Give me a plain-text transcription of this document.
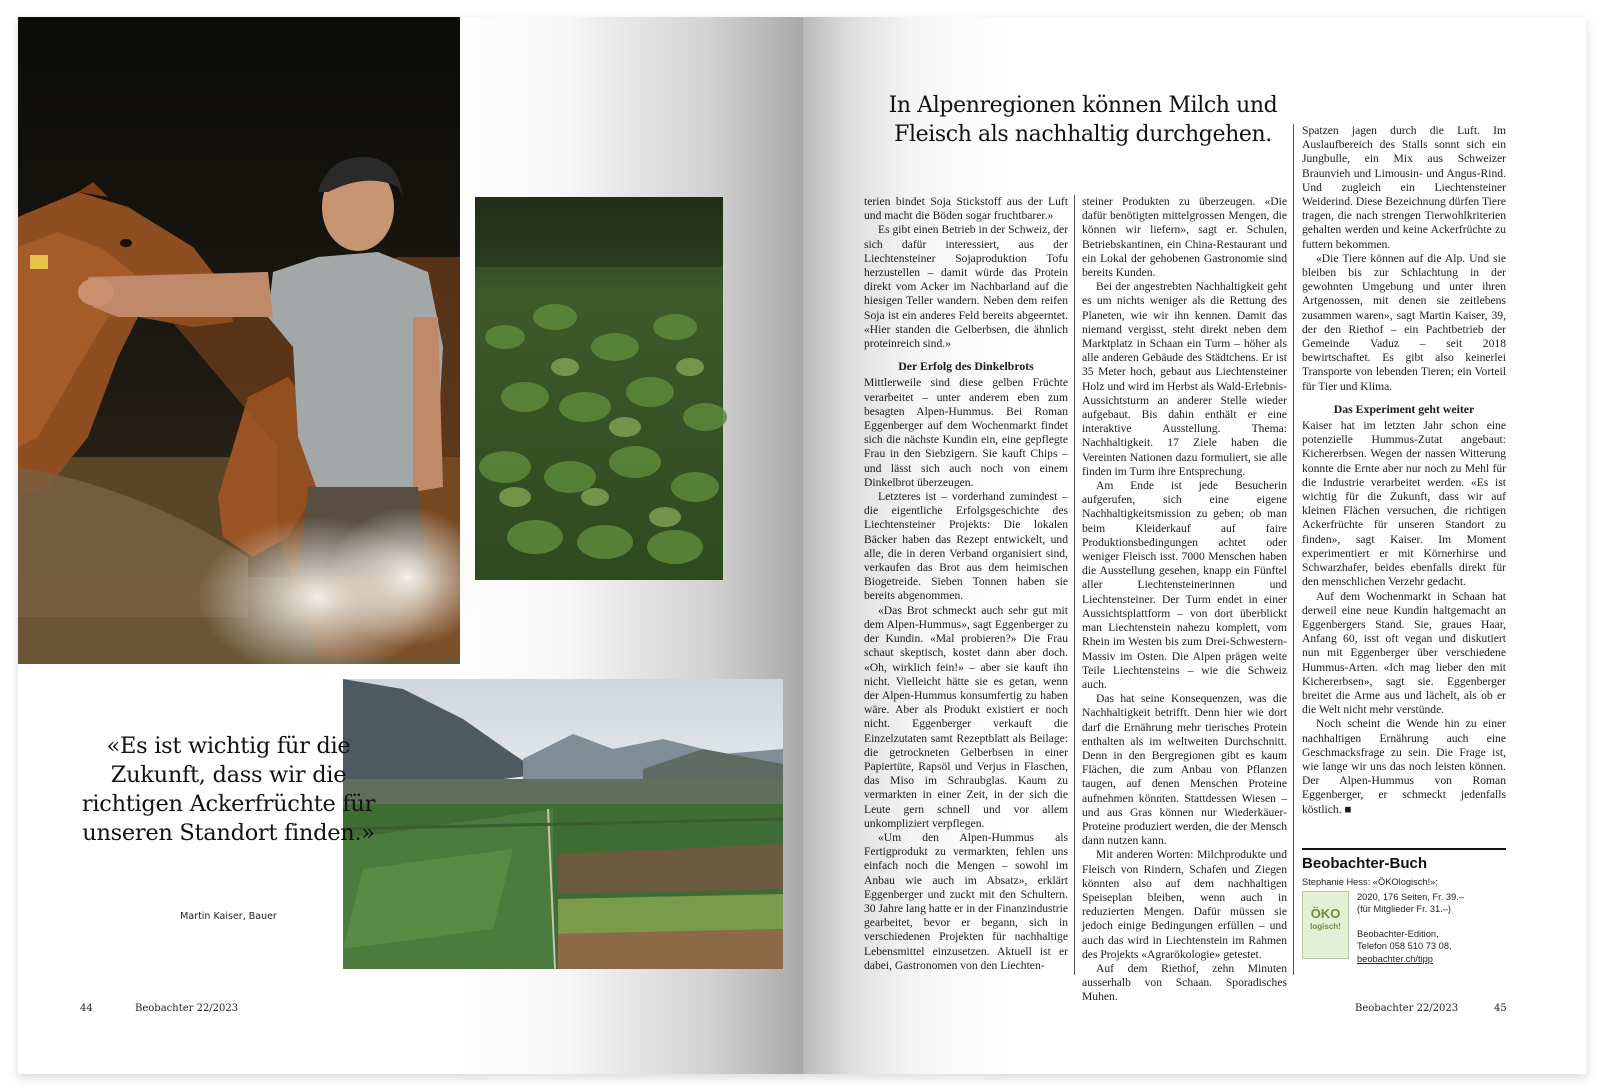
«Es ist wichtig für die Zukunft, dass wir die richtigen Ackerfrüchte für unseren Standort finden.»
Martin Kaiser, Bauer
44	Beobachter 22/2023
In Alpenregionen können Milch und Fleisch als nachhaltig durchgehen.

terien bindet Soja Stickstoff aus der Luft und macht die Böden sogar fruchtbarer.»

Es gibt einen Betrieb in der Schweiz, der sich dafür interessiert, aus der Liechtensteiner Sojaproduktion Tofu herzustellen – damit würde das Protein direkt vom Acker im Nachbarland auf die hiesigen Teller wandern. Neben dem reifen Soja ist ein anderes Feld bereits abgeerntet. «Hier standen die Gelberbsen, die ähnlich proteinreich sind.»

Der Erfolg des Dinkelbrots

Mittlerweile sind diese gelben Früchte verarbeitet – unter anderem eben zum besagten Alpen-Hummus. Bei Roman Eggenberger auf dem Wochenmarkt findet sich die nächste Kundin ein, eine gepflegte Frau in den Siebzigern. Sie kauft Chips – und lässt sich auch noch von einem Dinkelbrot überzeugen.

Letzteres ist – vorderhand zumindest – die eigentliche Erfolgsgeschichte des Liechtensteiner Projekts: Die lokalen Bäcker haben das Rezept entwickelt, und alle, die in deren Verband organisiert sind, verkaufen das Brot aus dem heimischen Biogetreide. Sieben Tonnen haben sie bereits abgenommen.

«Das Brot schmeckt auch sehr gut mit dem Alpen-Hummus», sagt Eggenberger zu der Kundin. «Mal probieren?» Die Frau schaut skeptisch, kostet dann aber doch. «Oh, wirklich fein!» – aber sie kauft ihn nicht. Vielleicht hätte sie es getan, wenn der Alpen-Hummus konsumfertig zu haben wäre. Aber als Produkt existiert er noch nicht. Eggenberger verkauft die Einzelzutaten samt Rezeptblatt als Beilage: die getrockneten Gelberbsen in einer Papiertüte, Rapsöl und Verjus in Flaschen, das Miso im Schraubglas. Kaum zu vermarkten in einer Zeit, in der sich die Leute gern schnell und vor allem unkompliziert verpflegen.

«Um den Alpen-Hummus als Fertigprodukt zu vermarkten, fehlen uns einfach noch die Mengen – sowohl im Anbau wie auch im Absatz», erklärt Eggenberger und zuckt mit den Schultern. 30 Jahre lang hatte er in der Finanzindustrie gearbeitet, bevor er begann, sich in verschiedenen Projekten für nachhaltige Lebensmittel einzusetzen. Aktuell ist er dabei, Gastronomen von den Liechten-

steiner Produkten zu überzeugen. «Die dafür benötigten mittelgrossen Mengen, die können wir liefern», sagt er. Schulen, Betriebskantinen, ein China-Restaurant und ein Lokal der gehobenen Gastronomie sind bereits Kunden.

Bei der angestrebten Nachhaltigkeit geht es um nichts weniger als die Rettung des Planeten, wie wir ihn kennen. Damit das niemand vergisst, steht direkt neben dem Marktplatz in Schaan ein Turm – höher als alle anderen Gebäude des Städtchens. Er ist 35 Meter hoch, gebaut aus Liechtensteiner Holz und wird im Herbst als Wald-Erlebnis-Aussichtsturm an anderer Stelle wieder aufgebaut. Bis dahin enthält er eine interaktive Ausstellung. Thema: Nachhaltigkeit. 17 Ziele haben die Vereinten Nationen dazu formuliert, sie alle finden im Turm ihre Entsprechung.

Am Ende ist jede Besucherin aufgerufen, sich eine eigene Nachhaltigkeitsmission zu geben; ob man beim Kleiderkauf auf faire Produktionsbedingungen achtet oder weniger Fleisch isst. 7000 Menschen haben die Ausstellung gesehen, knapp ein Fünftel aller Liechtensteinerinnen und Liechtensteiner. Der Turm endet in einer Aussichtsplattform – von dort überblickt man Liechtenstein nahezu komplett, vom Rhein im Westen bis zum Drei-Schwestern-Massiv im Osten. Die Alpen prägen weite Teile Liechtensteins – wie die Schweiz auch.

Das hat seine Konsequenzen, was die Nachhaltigkeit betrifft. Denn hier wie dort darf die Ernährung mehr tierisches Protein enthalten als im weltweiten Durchschnitt. Denn in den Bergregionen gibt es kaum Flächen, die zum Anbau von Pflanzen taugen, auf denen Menschen Proteine aufnehmen könnten. Stattdessen Wiesen – und aus Gras können nur Wiederkäuer-Proteine produziert werden, die der Mensch dann nutzen kann.

Mit anderen Worten: Milchprodukte und Fleisch von Rindern, Schafen und Ziegen könnten also auf dem nachhaltigen Speiseplan bleiben, wenn auch in reduzierten Mengen. Dafür müssen sie jedoch einige Bedingungen erfüllen – und auch das wird in Liechtenstein im Rahmen des Projekts «Agrarökologie» getestet.

Auf dem Riethof, zehn Minuten ausserhalb von Schaan. Sporadisches Muhen.

Spatzen jagen durch die Luft. Im Auslaufbereich des Stalls sonnt sich ein Jungbulle, ein Mix aus Schweizer Braunvieh und Limousin- und Angus-Rind. Und zugleich ein Liechtensteiner Weiderind. Diese Bezeichnung dürfen Tiere tragen, die nach strengen Tierwohlkriterien gehalten werden und keine Ackerfrüchte zu futtern bekommen.

«Die Tiere können auf die Alp. Und sie bleiben bis zur Schlachtung in der gewohnten Umgebung und unter ihren Artgenossen, mit denen sie zeitlebens zusammen waren», sagt Martin Kaiser, 39, der den Riethof – ein Pachtbetrieb der Gemeinde Vaduz – seit 2018 bewirtschaftet. Es gibt also keinerlei Transporte von lebenden Tieren; ein Vorteil für Tier und Klima.

Das Experiment geht weiter

Kaiser hat im letzten Jahr schon eine potenzielle Hummus-Zutat angebaut: Kichererbsen. Wegen der nassen Witterung konnte die Ernte aber nur noch zu Mehl für die Industrie verarbeitet werden. «Es ist wichtig für die Zukunft, dass wir auf kleinen Flächen versuchen, die richtigen Ackerfrüchte für unseren Standort zu finden», sagt Kaiser. Im Moment experimentiert er mit Körnerhirse und Schwarzhafer, beides ebenfalls direkt für den menschlichen Verzehr gedacht.

Auf dem Wochenmarkt in Schaan hat derweil eine neue Kundin haltgemacht an Eggenbergers Stand. Sie, graues Haar, Anfang 60, isst oft vegan und diskutiert nun mit Eggenberger über verschiedene Hummus-Arten. «Ich mag lieber den mit Kichererbsen», sagt sie. Eggenberger breitet die Arme aus und lächelt, als ob er die Welt nicht mehr verstünde.

Noch scheint die Wende hin zu einer nachhaltigen Ernährung auch eine Geschmacksfrage zu sein. Die Frage ist, wie lange wir uns das noch leisten können. Der Alpen-Hummus von Roman Eggenberger, er schmeckt jedenfalls köstlich. ■

Beobachter-Buch
Stephanie Hess: «ÖKOlogisch!»;
ÖKO
logisch!
2020, 176 Seiten, Fr. 39.–
(für Mitglieder Fr. 31.–)
Beobachter-Edition,
Telefon 058 510 73 08,
beobachter.ch/tipp
Beobachter 22/2023	45
